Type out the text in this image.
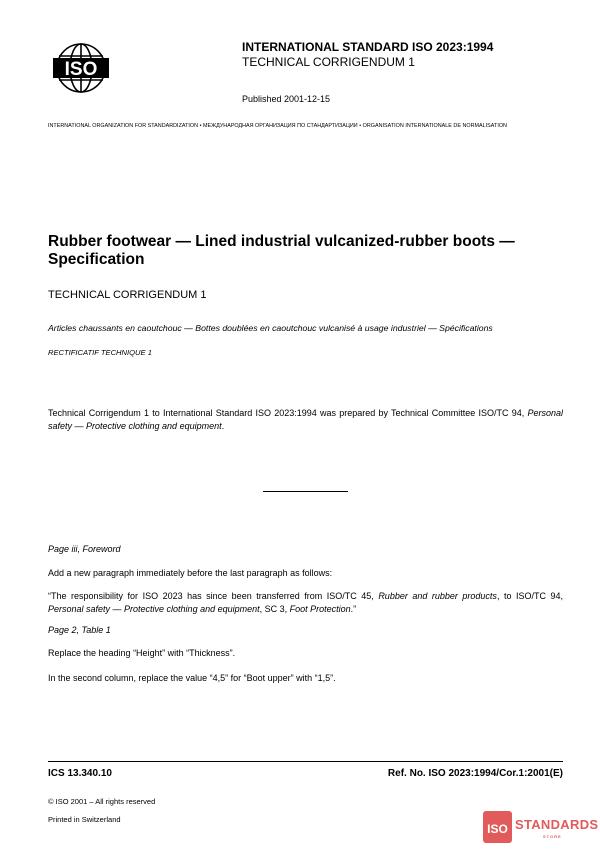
ISO
INTERNATIONAL STANDARD ISO 2023:1994
TECHNICAL CORRIGENDUM 1
Published 2001-12-15
INTERNATIONAL ORGANIZATION FOR STANDARDIZATION • МЕЖДУНАРОДНАЯ ОРГАНИЗАЦИЯ ПО СТАНДАРТИЗАЦИИ • ORGANISATION INTERNATIONALE DE NORMALISATION
Rubber footwear — Lined industrial vulcanized-rubber boots —
Specification
TECHNICAL CORRIGENDUM 1
Articles chaussants en caoutchouc — Bottes doublées en caoutchouc vulcanisé à usage industriel — Spécifications
RECTIFICATIF TECHNIQUE 1
Technical Corrigendum 1 to International Standard ISO 2023:1994 was prepared by Technical Committee ISO/TC 94, Personal safety — Protective clothing and equipment.
Page iii, Foreword
Add a new paragraph immediately before the last paragraph as follows:
“The responsibility for ISO 2023 has since been transferred from ISO/TC 45, Rubber and rubber products, to ISO/TC 94, Personal safety — Protective clothing and equipment, SC 3, Foot Protection.”
Page 2, Table 1
Replace the heading “Height” with “Thickness”.
In the second column, replace the value “4,5” for “Boot upper” with “1,5”.
ICS 13.340.10	Ref. No. ISO 2023:1994/Cor.1:2001(E)
© ISO 2001 – All rights reserved
Printed in Switzerland
ISO STANDARDS
STORE
